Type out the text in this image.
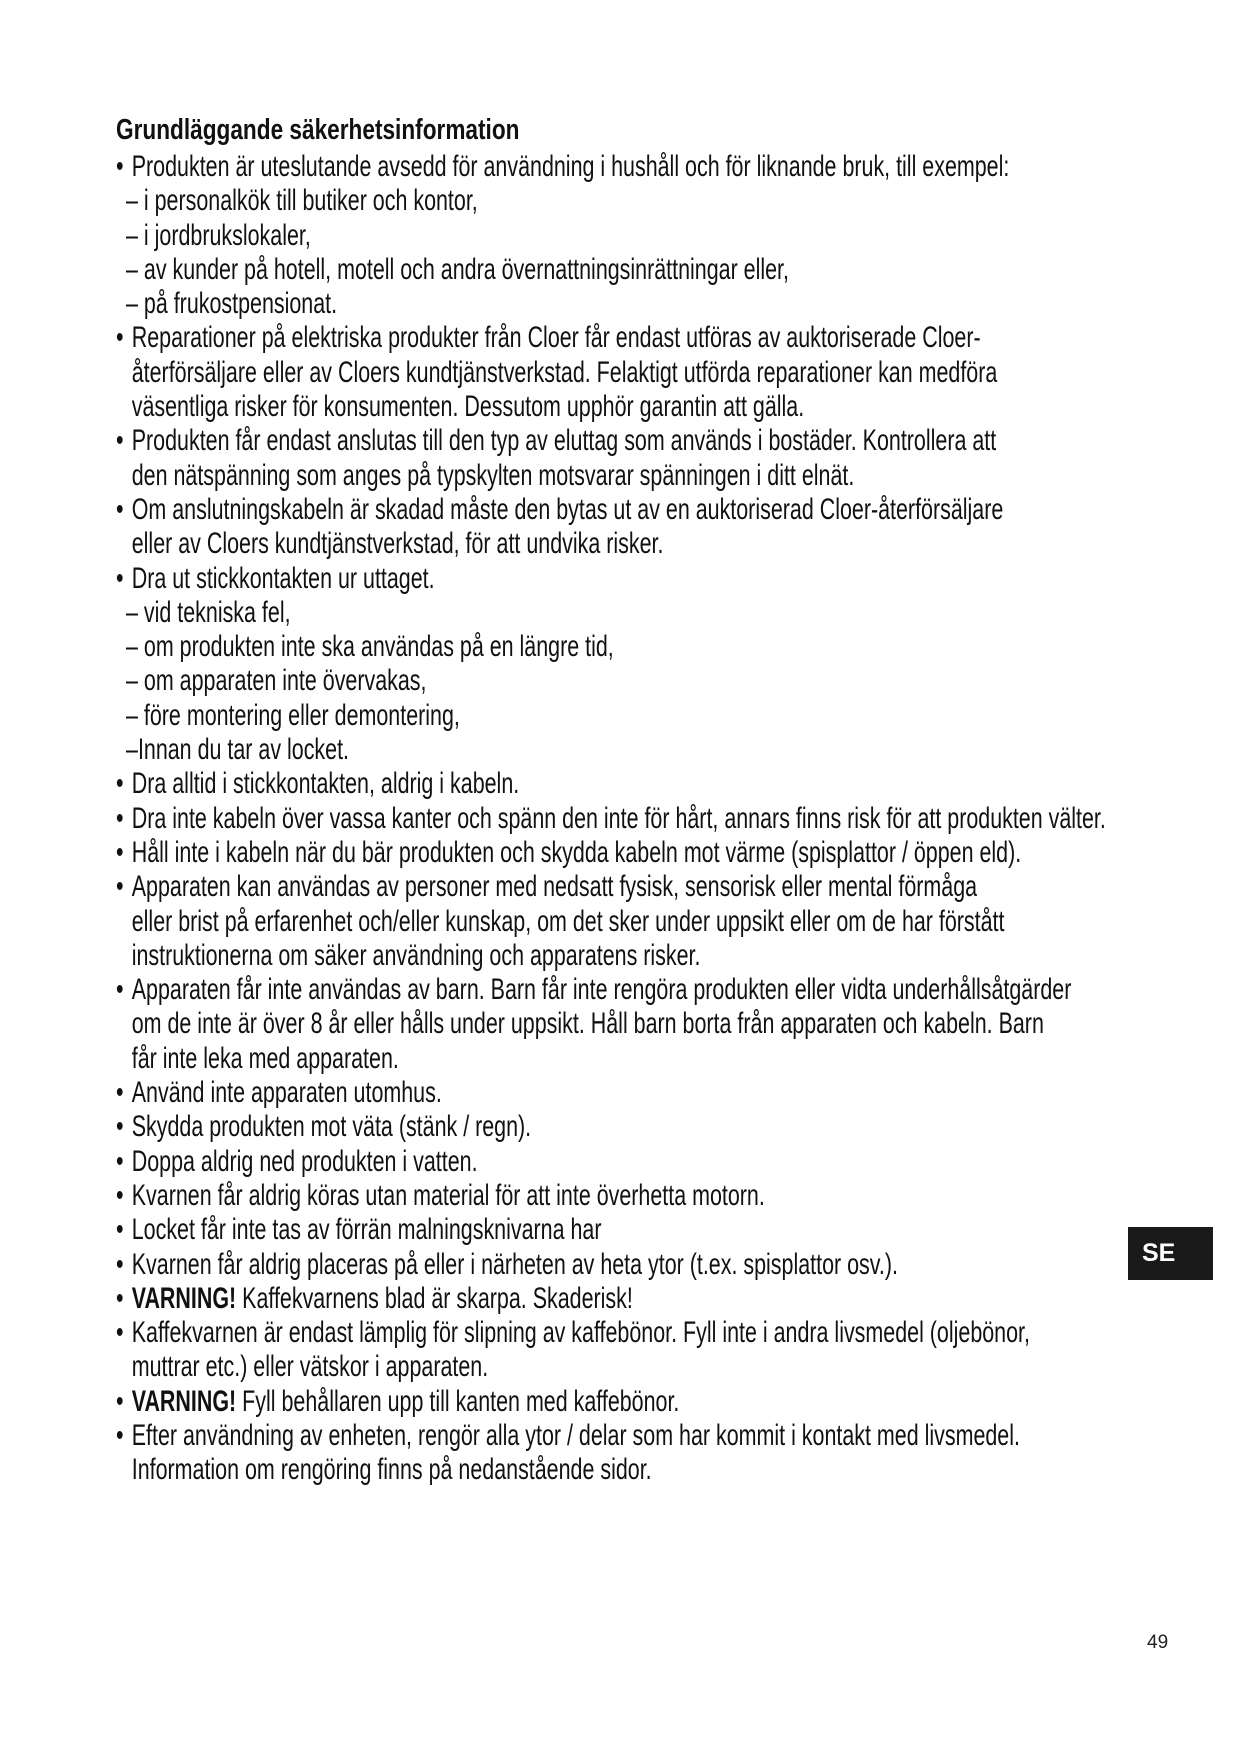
Grundläggande säkerhetsinformation
• Produkten är uteslutande avsedd för användning i hushåll och för liknande bruk, till exempel:
– i personalkök till butiker och kontor,
– i jordbrukslokaler,
– av kunder på hotell, motell och andra övernattningsinrättningar eller,
– på frukostpensionat.
• Reparationer på elektriska produkter från Cloer får endast utföras av auktoriserade Cloer-
återförsäljare eller av Cloers kundtjänstverkstad. Felaktigt utförda reparationer kan medföra
väsentliga risker för konsumenten. Dessutom upphör garantin att gälla.
• Produkten får endast anslutas till den typ av eluttag som används i bostäder. Kontrollera att
den nätspänning som anges på typskylten motsvarar spänningen i ditt elnät.
• Om anslutningskabeln är skadad måste den bytas ut av en auktoriserad Cloer-återförsäljare
eller av Cloers kundtjänstverkstad, för att undvika risker.
• Dra ut stickkontakten ur uttaget.
– vid tekniska fel,
– om produkten inte ska användas på en längre tid,
– om apparaten inte övervakas,
– före montering eller demontering,
–Innan du tar av locket.
• Dra alltid i stickkontakten, aldrig i kabeln.
• Dra inte kabeln över vassa kanter och spänn den inte för hårt, annars finns risk för att produkten välter.
• Håll inte i kabeln när du bär produkten och skydda kabeln mot värme (spisplattor / öppen eld).
• Apparaten kan användas av personer med nedsatt fysisk, sensorisk eller mental förmåga
eller brist på erfarenhet och/eller kunskap, om det sker under uppsikt eller om de har förstått
instruktionerna om säker användning och apparatens risker.
• Apparaten får inte användas av barn. Barn får inte rengöra produkten eller vidta underhållsåtgärder
om de inte är över 8 år eller hålls under uppsikt. Håll barn borta från apparaten och kabeln. Barn
får inte leka med apparaten.
• Använd inte apparaten utomhus.
• Skydda produkten mot väta (stänk / regn).
• Doppa aldrig ned produkten i vatten.
• Kvarnen får aldrig köras utan material för att inte överhetta motorn.
• Locket får inte tas av förrän malningsknivarna har
• Kvarnen får aldrig placeras på eller i närheten av heta ytor (t.ex. spisplattor osv.).
• VARNING! Kaffekvarnens blad är skarpa. Skaderisk!
• Kaffekvarnen är endast lämplig för slipning av kaffebönor. Fyll inte i andra livsmedel (oljebönor,
muttrar etc.) eller vätskor i apparaten.
• VARNING! Fyll behållaren upp till kanten med kaffebönor.
• Efter användning av enheten, rengör alla ytor / delar som har kommit i kontakt med livsmedel.
Information om rengöring finns på nedanstående sidor.
SE
49
